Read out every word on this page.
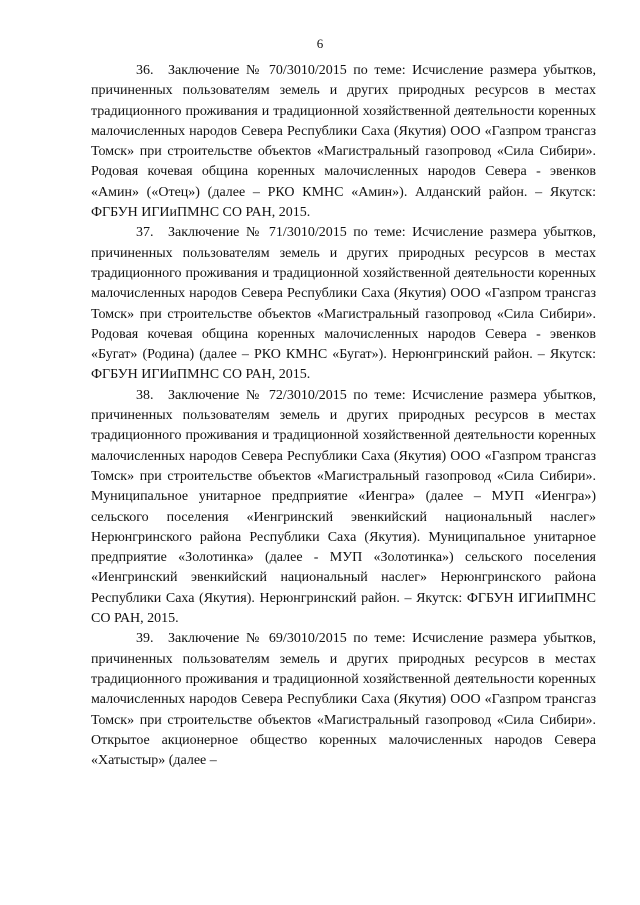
6

36. Заключение № 70/3010/2015 по теме: Исчисление размера убытков, причиненных пользователям земель и других природных ресурсов в местах традиционного проживания и традиционной хозяйственной деятельности коренных малочисленных народов Севера Республики Саха (Якутия) ООО «Газпром трансгаз Томск» при строительстве объектов «Магистральный газопровод «Сила Сибири». Родовая кочевая община коренных малочисленных народов Севера - эвенков «Амин» («Отец») (далее – РКО КМНС «Амин»). Алданский район. – Якутск: ФГБУН ИГИиПМНС СО РАН, 2015.

37. Заключение № 71/3010/2015 по теме: Исчисление размера убытков, причиненных пользователям земель и других природных ресурсов в местах традиционного проживания и традиционной хозяйственной деятельности коренных малочисленных народов Севера Республики Саха (Якутия) ООО «Газпром трансгаз Томск» при строительстве объектов «Магистральный газопровод «Сила Сибири». Родовая кочевая община коренных малочисленных народов Севера - эвенков «Бугат» (Родина) (далее – РКО КМНС «Бугат»). Нерюнгринский район. – Якутск: ФГБУН ИГИиПМНС СО РАН, 2015.

38. Заключение № 72/3010/2015 по теме: Исчисление размера убытков, причиненных пользователям земель и других природных ресурсов в местах традиционного проживания и традиционной хозяйственной деятельности коренных малочисленных народов Севера Республики Саха (Якутия) ООО «Газпром трансгаз Томск» при строительстве объектов «Магистральный газопровод «Сила Сибири». Муниципальное унитарное предприятие «Иенгра» (далее – МУП «Иенгра») сельского поселения «Иенгринский эвенкийский национальный наслег» Нерюнгринского района Республики Саха (Якутия). Муниципальное унитарное предприятие «Золотинка» (далее - МУП «Золотинка») сельского поселения «Иенгринский эвенкийский национальный наслег» Нерюнгринского района Республики Саха (Якутия). Нерюнгринский район. – Якутск: ФГБУН ИГИиПМНС СО РАН, 2015.

39. Заключение № 69/3010/2015 по теме: Исчисление размера убытков, причиненных пользователям земель и других природных ресурсов в местах традиционного проживания и традиционной хозяйственной деятельности коренных малочисленных народов Севера Республики Саха (Якутия) ООО «Газпром трансгаз Томск» при строительстве объектов «Магистральный газопровод «Сила Сибири». Открытое акционерное общество коренных малочисленных народов Севера «Хатыстыр» (далее –
